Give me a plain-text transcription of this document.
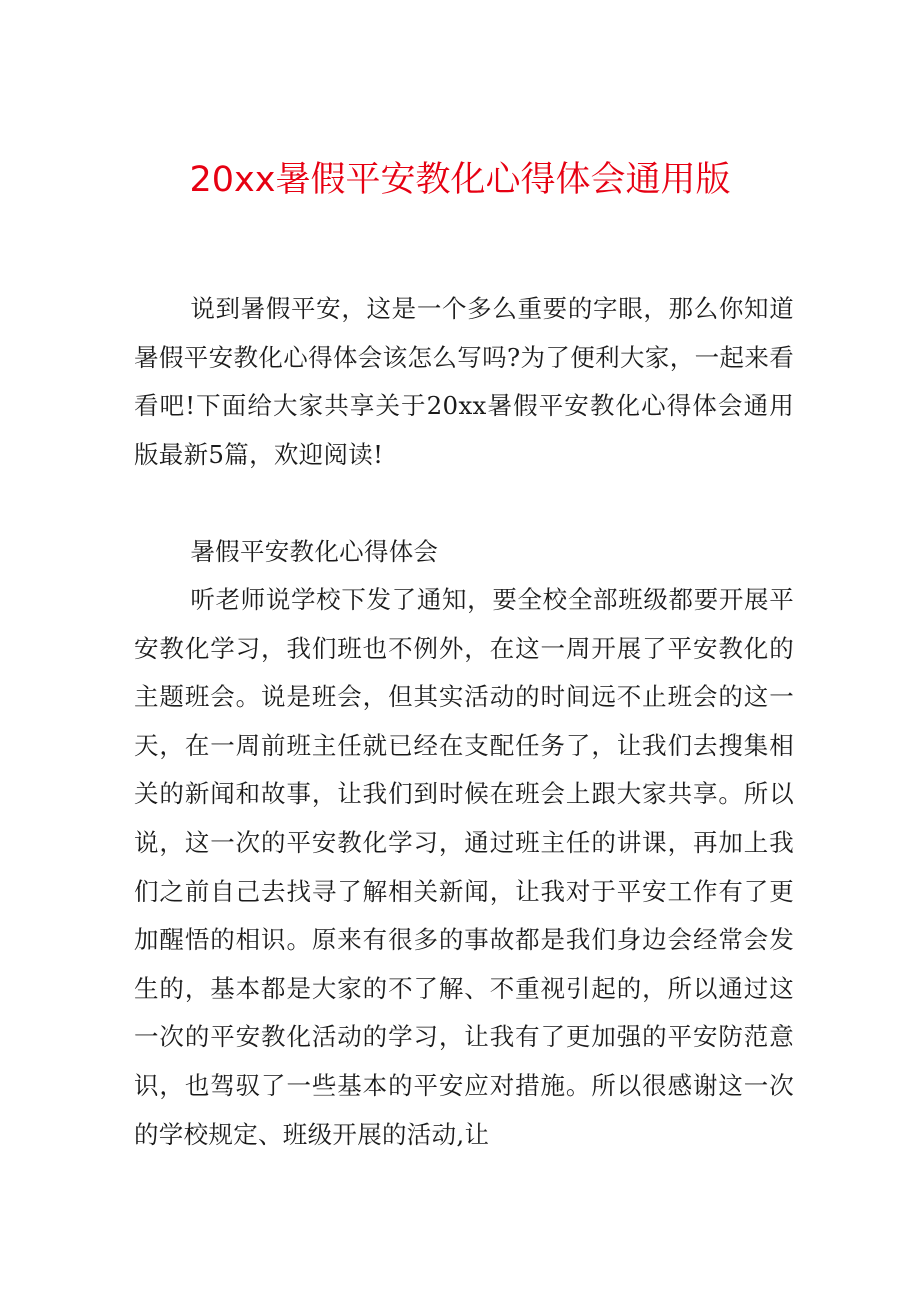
20xx暑假平安教化心得体会通用版

说到暑假平安，这是一个多么重要的字眼，那么你知道暑假平安教化心得体会该怎么写吗?为了便利大家，一起来看看吧!下面给大家共享关于20xx暑假平安教化心得体会通用版最新5篇，欢迎阅读!

暑假平安教化心得体会

听老师说学校下发了通知，要全校全部班级都要开展平安教化学习，我们班也不例外，在这一周开展了平安教化的主题班会。说是班会，但其实活动的时间远不止班会的这一天，在一周前班主任就已经在支配任务了，让我们去搜集相关的新闻和故事，让我们到时候在班会上跟大家共享。所以说，这一次的平安教化学习，通过班主任的讲课，再加上我们之前自己去找寻了解相关新闻，让我对于平安工作有了更加醒悟的相识。原来有很多的事故都是我们身边会经常会发生的，基本都是大家的不了解、不重视引起的，所以通过这一次的平安教化活动的学习，让我有了更加强的平安防范意识，也驾驭了一些基本的平安应对措施。所以很感谢这一次的学校规定、班级开展的活动,让
